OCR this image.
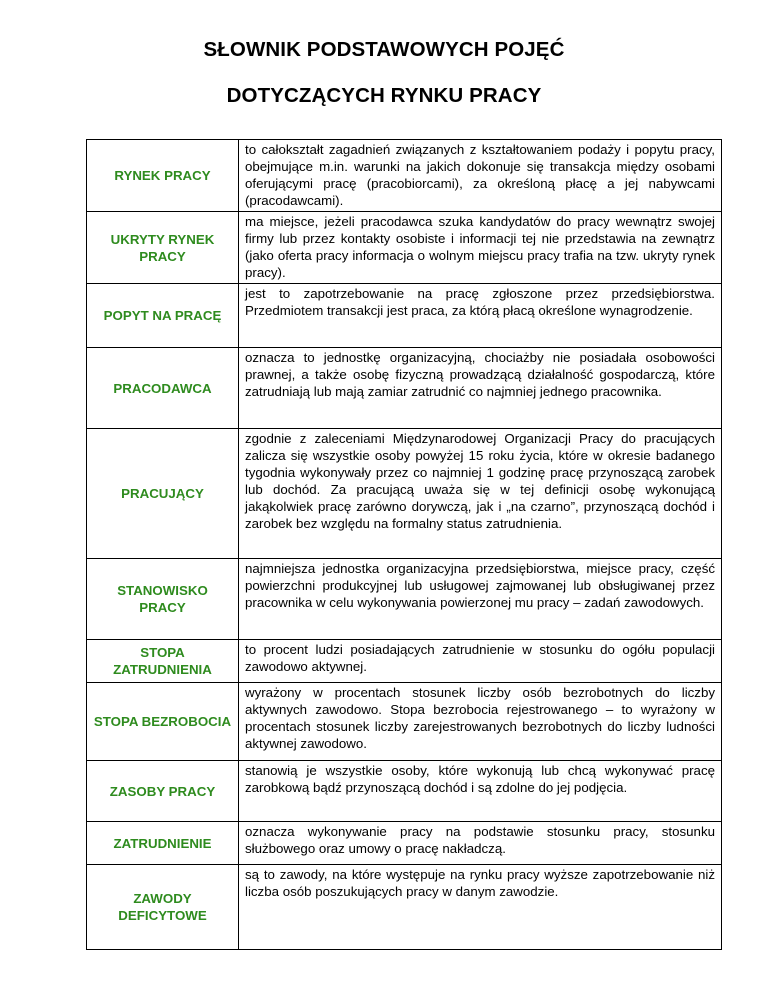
SŁOWNIK PODSTAWOWYCH POJĘĆ
DOTYCZĄCYCH RYNKU PRACY
RYNEK PRACY	to całokształt zagadnień związanych z kształtowaniem podaży i popytu pracy, obejmujące m.in. warunki na jakich dokonuje się transakcja między osobami oferującymi pracę (pracobiorcami), za określoną płacę a jej nabywcami (pracodawcami).
UKRYTY RYNEK PRACY	ma miejsce, jeżeli pracodawca szuka kandydatów do pracy wewnątrz swojej firmy lub przez kontakty osobiste i informacji tej nie przedstawia na zewnątrz (jako oferta pracy informacja o wolnym miejscu pracy trafia na tzw. ukryty rynek pracy).
POPYT NA PRACĘ	jest to zapotrzebowanie na pracę zgłoszone przez przedsiębiorstwa. Przedmiotem transakcji jest praca, za którą płacą określone wynagrodzenie.
PRACODAWCA	oznacza to jednostkę organizacyjną, chociażby nie posiadała osobowości prawnej, a także osobę fizyczną prowadzącą działalność gospodarczą, które zatrudniają lub mają zamiar zatrudnić co najmniej jednego pracownika.
PRACUJĄCY	zgodnie z zaleceniami Międzynarodowej Organizacji Pracy do pracujących zalicza się wszystkie osoby powyżej 15 roku życia, które w okresie badanego tygodnia wykonywały przez co najmniej 1 godzinę pracę przynoszącą zarobek lub dochód. Za pracującą uważa się w tej definicji osobę wykonującą jakąkolwiek pracę zarówno dorywczą, jak i „na czarno”, przynoszącą dochód i zarobek bez względu na formalny status zatrudnienia.
STANOWISKO PRACY	najmniejsza jednostka organizacyjna przedsiębiorstwa, miejsce pracy, część powierzchni produkcyjnej lub usługowej zajmowanej lub obsługiwanej przez pracownika w celu wykonywania powierzonej mu pracy – zadań zawodowych.
STOPA ZATRUDNIENIA	to procent ludzi posiadających zatrudnienie w stosunku do ogółu populacji zawodowo aktywnej.
STOPA BEZROBOCIA	wyrażony w procentach stosunek liczby osób bezrobotnych do liczby aktywnych zawodowo. Stopa bezrobocia rejestrowanego – to wyrażony w procentach stosunek liczby zarejestrowanych bezrobotnych do liczby ludności aktywnej zawodowo.
ZASOBY PRACY	stanowią je wszystkie osoby, które wykonują lub chcą wykonywać pracę zarobkową bądź przynoszącą dochód i są zdolne do jej podjęcia.
ZATRUDNIENIE	oznacza wykonywanie pracy na podstawie stosunku pracy, stosunku służbowego oraz umowy o pracę nakładczą.
ZAWODY DEFICYTOWE	są to zawody, na które występuje na rynku pracy wyższe zapotrzebowanie niż liczba osób poszukujących pracy w danym zawodzie.
